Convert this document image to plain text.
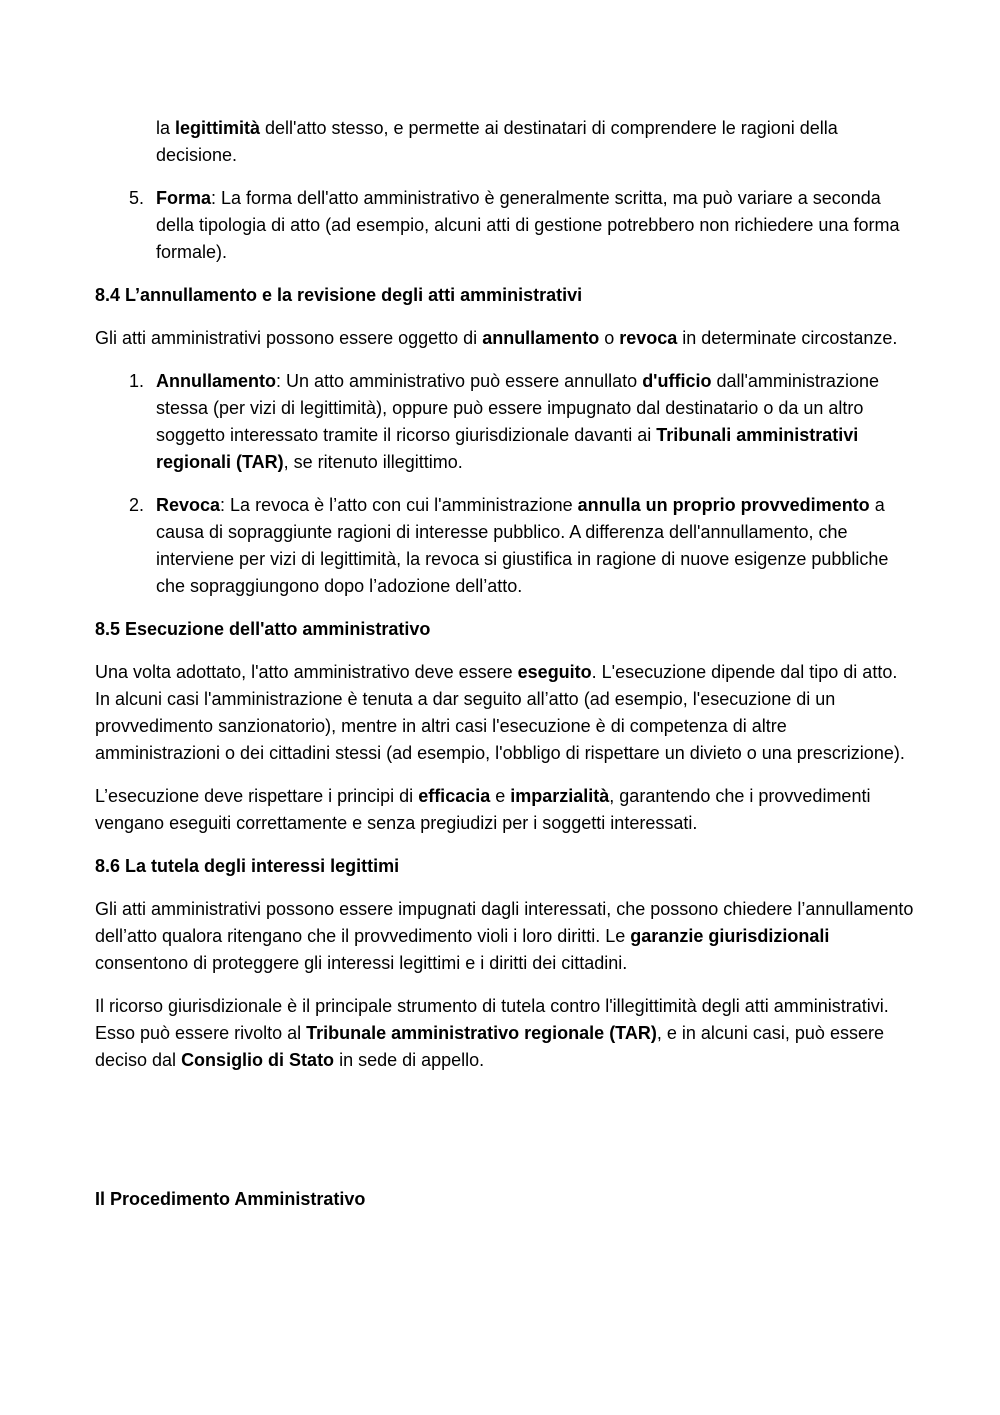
la legittimità dell'atto stesso, e permette ai destinatari di comprendere le ragioni della decisione.

5. Forma: La forma dell'atto amministrativo è generalmente scritta, ma può variare a seconda della tipologia di atto (ad esempio, alcuni atti di gestione potrebbero non richiedere una forma formale).
8.4 L’annullamento e la revisione degli atti amministrativi

Gli atti amministrativi possono essere oggetto di annullamento o revoca in determinate circostanze.

1. Annullamento: Un atto amministrativo può essere annullato d'ufficio dall'amministrazione stessa (per vizi di legittimità), oppure può essere impugnato dal destinatario o da un altro soggetto interessato tramite il ricorso giurisdizionale davanti ai Tribunali amministrativi regionali (TAR), se ritenuto illegittimo.
2. Revoca: La revoca è l’atto con cui l'amministrazione annulla un proprio provvedimento a causa di sopraggiunte ragioni di interesse pubblico. A differenza dell'annullamento, che interviene per vizi di legittimità, la revoca si giustifica in ragione di nuove esigenze pubbliche che sopraggiungono dopo l’adozione dell’atto.
8.5 Esecuzione dell'atto amministrativo

Una volta adottato, l'atto amministrativo deve essere eseguito. L'esecuzione dipende dal tipo di atto. In alcuni casi l'amministrazione è tenuta a dar seguito all’atto (ad esempio, l'esecuzione di un provvedimento sanzionatorio), mentre in altri casi l'esecuzione è di competenza di altre amministrazioni o dei cittadini stessi (ad esempio, l'obbligo di rispettare un divieto o una prescrizione).

L’esecuzione deve rispettare i principi di efficacia e imparzialità, garantendo che i provvedimenti vengano eseguiti correttamente e senza pregiudizi per i soggetti interessati.

8.6 La tutela degli interessi legittimi

Gli atti amministrativi possono essere impugnati dagli interessati, che possono chiedere l’annullamento dell’atto qualora ritengano che il provvedimento violi i loro diritti. Le garanzie giurisdizionali consentono di proteggere gli interessi legittimi e i diritti dei cittadini.

Il ricorso giurisdizionale è il principale strumento di tutela contro l'illegittimità degli atti amministrativi. Esso può essere rivolto al Tribunale amministrativo regionale (TAR), e in alcuni casi, può essere deciso dal Consiglio di Stato in sede di appello.

Il Procedimento Amministrativo
